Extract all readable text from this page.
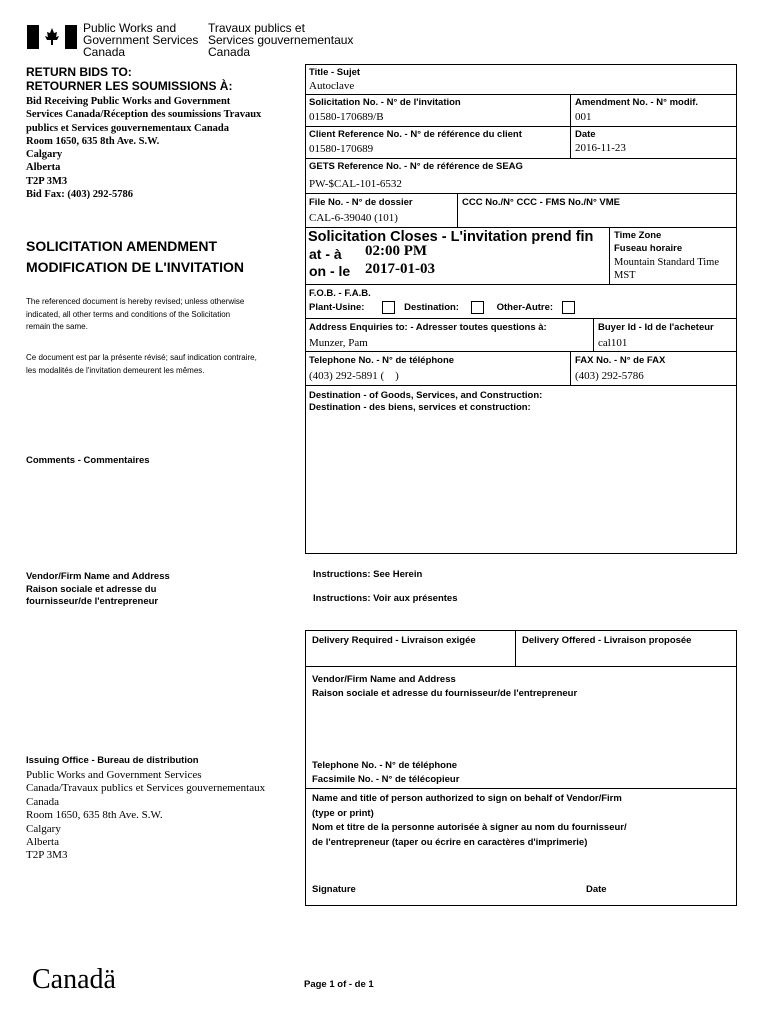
Public Works and
Government Services
Canada
Travaux publics et
Services gouvernementaux
Canada
RETURN BIDS TO:
RETOURNER LES SOUMISSIONS À:
Bid Receiving Public Works and Government
Services Canada/Réception des soumissions Travaux
publics et Services gouvernementaux Canada
Room 1650, 635 8th Ave. S.W.
Calgary
Alberta
T2P 3M3
Bid Fax: (403) 292-5786
SOLICITATION AMENDMENT
MODIFICATION DE L'INVITATION
The referenced document is hereby revised; unless otherwise
indicated, all other terms and conditions of the Solicitation
remain the same.
Ce document est par la présente révisé; sauf indication contraire,
les modalités de l'invitation demeurent les mêmes.
Comments - Commentaires
Vendor/Firm Name and Address
Raison sociale et adresse du
fournisseur/de l'entrepreneur
Issuing Office - Bureau de distribution
Public Works and Government Services
Canada/Travaux publics et Services gouvernementaux
Canada
Room 1650, 635 8th Ave. S.W.
Calgary
Alberta
T2P 3M3
Title - Sujet
Autoclave
Solicitation No. - N° de l'invitation
01580-170689/B
Amendment No. - N° modif.
001
Client Reference No. - N° de référence du client
01580-170689
Date
2016-11-23
GETS Reference No. - N° de référence de SEAG
PW-$CAL-101-6532
File No. - N° de dossier
CAL-6-39040 (101)
CCC No./N° CCC - FMS No./N° VME
Solicitation Closes - L'invitation prend fin
at - à 02:00 PM
on - le 2017-01-03
Time Zone
Fuseau horaire
Mountain Standard Time
MST
F.O.B. - F.A.B.
Plant-Usine:	Destination:	Other-Autre:
Address Enquiries to: - Adresser toutes questions à:
Munzer, Pam
Buyer Id - Id de l'acheteur
cal101
Telephone No. - N° de téléphone
(403) 292-5891 (    )
FAX No. - N° de FAX
(403) 292-5786
Destination - of Goods, Services, and Construction:
Destination - des biens, services et construction:
Instructions: See Herein
Instructions: Voir aux présentes
Delivery Required - Livraison exigée	Delivery Offered - Livraison proposée
Vendor/Firm Name and Address
Raison sociale et adresse du fournisseur/de l'entrepreneur
Telephone No. - N° de téléphone
Facsimile No. - N° de télécopieur
Name and title of person authorized to sign on behalf of Vendor/Firm
(type or print)
Nom et titre de la personne autorisée à signer au nom du fournisseur/
de l'entrepreneur (taper ou écrire en caractères d'imprimerie)
Signature	Date
Canadä	Page 1 of - de 1
